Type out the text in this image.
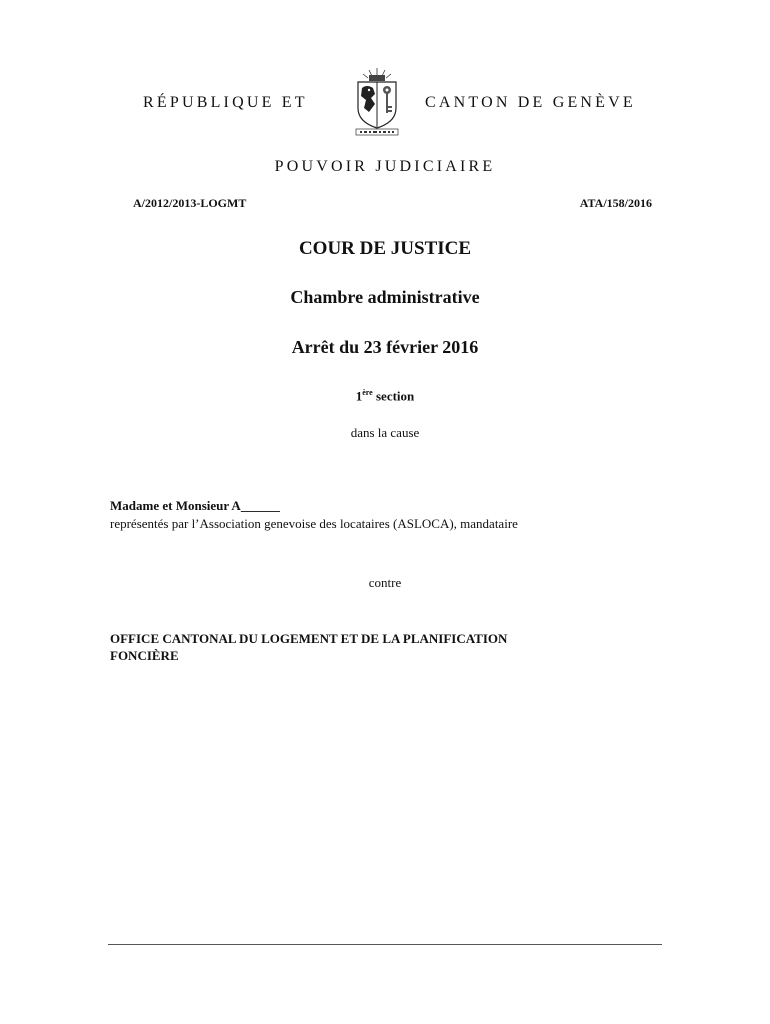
RÉPUBLIQUE ET	CANTON DE GENÈVE
POUVOIR JUDICIAIRE
A/2012/2013-LOGMT	ATA/158/2016
COUR DE JUSTICE
Chambre administrative
Arrêt du 23 février 2016
1ère section
dans la cause
Madame et Monsieur A______
représentés par l’Association genevoise des locataires (ASLOCA), mandataire
contre
OFFICE CANTONAL DU LOGEMENT ET DE LA PLANIFICATION
FONCIÈRE
